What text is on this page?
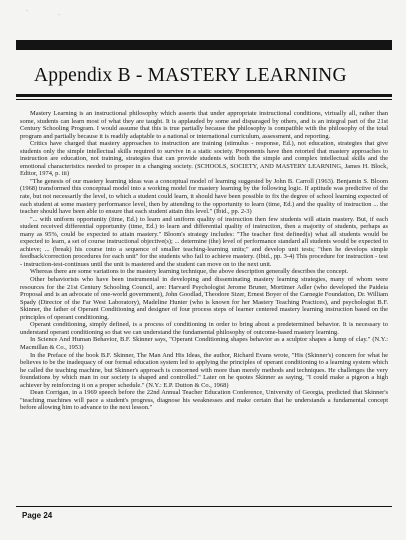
·
·
Appendix B - MASTERY LEARNING

Mastery Learning is an instructional philosophy which asserts that under appropriate instructional conditions, virtually all, rather than some, students can learn most of what they are taught. It is applauded by some and disparaged by others, and is an integral part of the 21st Century Schooling Program. I would assume that this is true partially because the philosophy is compatible with the philosophy of the total program and partially because it is readily adaptable to a national or international curriculum, assessment, and reporting.

Critics have charged that mastery approaches to instruction are training (stimulus - response, Ed.), not education, strategies that give students only the simple intellectual skills required to survive in a static society. Proponents have then retorted that mastery approaches to instruction are education, not training, strategies that can provide students with both the simple and complex intellectual skills and the emotional characteristics needed to prosper in a changing society. (SCHOOLS, SOCIETY, AND MASTERY LEARNING, James H. Block, Editor, 1974, p. iii)

"The genesis of our mastery learning ideas was a conceptual model of learning suggested by John B. Carroll (1963). Benjamin S. Bloom (1968) transformed this conceptual model into a working model for mastery learning by the following logic. If aptitude was predictive of the rate, but not necessarily the level, to which a student could learn, it should have been possible to fix the degree of school learning expected of each student at some mastery performance level, then by attending to the opportunity to learn (time, Ed.) and the quality of instruction ... the teacher should have been able to ensure that each student attain this level." (Ibid., pp. 2-3)

"... with uniform opportunity (time, Ed.) to learn and uniform quality of instruction then few students will attain mastery. But, if each student received differential opportunity (time, Ed.) to learn and differential quality of instruction, then a majority of students, perhaps as many as 95%, could be expected to attain mastery." Bloom's strategy includes: "The teacher first defined(s) what all students would be expected to learn, a set of course instructional objective(s); ... determine (the) level of performance standard all students would be expected to achieve; ... (break) his course into a sequence of smaller teaching-learning units;" and develop unit tests; "then he develops simple feedback/correction procedures for each unit" for the students who fail to achieve mastery. (Ibid., pp. 3-4) This procedure for instruction - test - instruction-test-continues until the unit is mastered and the student can move on to the next unit.

Whereas there are some variations to the mastery learning technique, the above description generally describes the concept.

Other behaviorists who have been instrumental in developing and disseminating mastery learning strategies, many of whom were resources for the 21st Century Schooling Council, are: Harvard Psychologist Jerome Bruner, Mortimer Adler (who developed the Paideia Proposal and is an advocate of one-world government), John Goodlad, Theodore Sizer, Ernest Boyer of the Carnegie Foundation, Dr. William Spady (Director of the Far West Laboratory), Madeline Hunter (who is known for her Mastery Teaching Practices), and psychologist B.F. Skinner, the father of Operant Conditioning and designer of four process steps of learner centered mastery learning instruction based on the principles of operant conditioning.

Operant conditioning, simply defined, is a process of conditioning in order to bring about a predetermined behavior. It is necessary to understand operant conditioning so that we can understand the fundamental philosophy of outcome-based mastery learning.

In Science And Human Behavior, B.F. Skinner says, "Operant Conditioning shapes behavior as a sculptor shapes a lump of clay." (N.Y.: Macmillan & Co., 1953)

In the Preface of the book B.F. Skinner, The Man And His Ideas, the author, Richard Evans wrote, "His (Skinner's) concern for what he believes to be the inadequacy of our formal education system led to applying the principles of operant conditioning to a learning system which he called the teaching machine, but Skinner's approach is concerned with more than merely methods and techniques. He challenges the very foundations by which man in our society is shaped and controlled." Later on he quotes Skinner as saying, "I could make a pigeon a high achiever by reinforcing it on a proper schedule." (N.Y.: E.P. Dutton & Co., 1968)

Dean Corrigan, in a 1969 speech before the 22nd Annual Teacher Education Conference, University of Georgia, predicted that Skinner's "teaching machines will pace a student's progress, diagnose his weaknesses and make certain that he understands a fundamental concept before allowing him to advance to the next lesson."

Page 24
